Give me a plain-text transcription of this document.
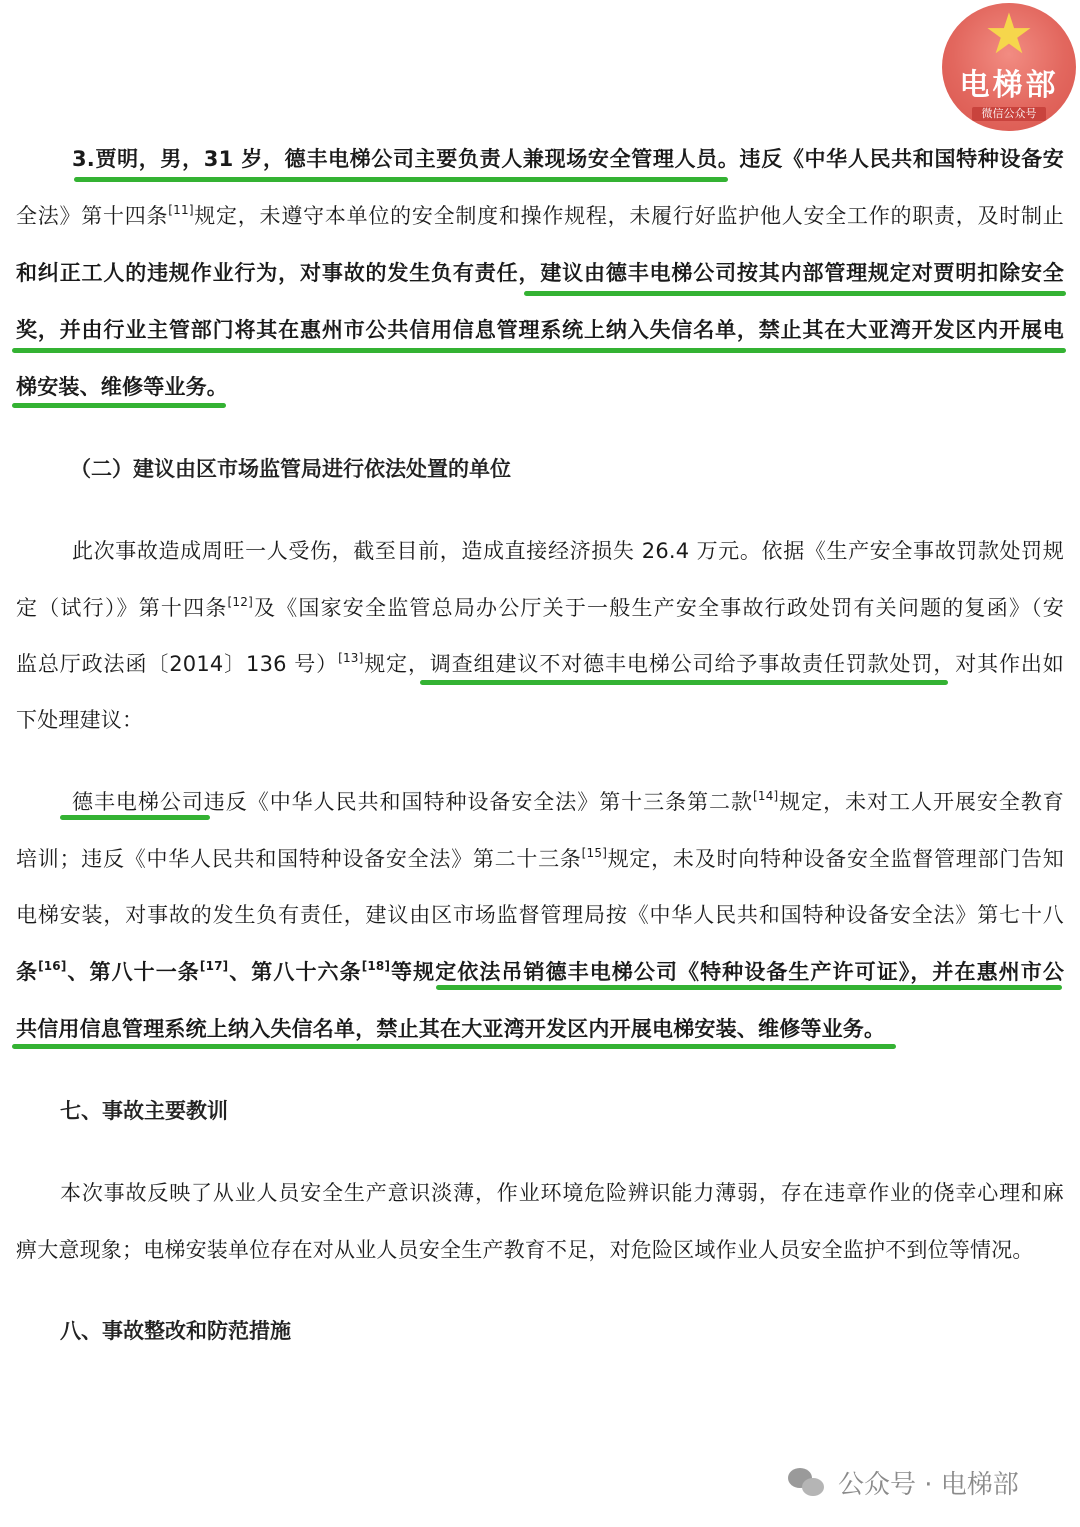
★
电梯部
微信公众号
3.贾明，男，31 岁，德丰电梯公司主要负责人兼现场安全管理人员。违反《中华人民共和国特种设备安
全法》第十四条[11]规定，未遵守本单位的安全制度和操作规程，未履行好监护他人安全工作的职责，及时制止
和纠正工人的违规作业行为，对事故的发生负有责任，建议由德丰电梯公司按其内部管理规定对贾明扣除安全
奖，并由行业主管部门将其在惠州市公共信用信息管理系统上纳入失信名单，禁止其在大亚湾开发区内开展电
梯安装、维修等业务。
（二）建议由区市场监管局进行依法处置的单位
此次事故造成周旺一人受伤，截至目前，造成直接经济损失 26.4 万元。依据《生产安全事故罚款处罚规
定（试行）》第十四条[12]及《国家安全监管总局办公厅关于一般生产安全事故行政处罚有关问题的复函》（安
监总厅政法函〔2014〕136 号）[13]规定，调查组建议不对德丰电梯公司给予事故责任罚款处罚，对其作出如
下处理建议：
德丰电梯公司违反《中华人民共和国特种设备安全法》第十三条第二款[14]规定，未对工人开展安全教育
培训；违反《中华人民共和国特种设备安全法》第二十三条[15]规定，未及时向特种设备安全监督管理部门告知
电梯安装，对事故的发生负有责任，建议由区市场监督管理局按《中华人民共和国特种设备安全法》第七十八
条[16]、第八十一条[17]、第八十六条[18]等规定依法吊销德丰电梯公司《特种设备生产许可证》，并在惠州市公
共信用信息管理系统上纳入失信名单，禁止其在大亚湾开发区内开展电梯安装、维修等业务。
七、事故主要教训
本次事故反映了从业人员安全生产意识淡薄，作业环境危险辨识能力薄弱，存在违章作业的侥幸心理和麻
痹大意现象；电梯安装单位存在对从业人员安全生产教育不足，对危险区域作业人员安全监护不到位等情况。
八、事故整改和防范措施
公众号 · 电梯部
